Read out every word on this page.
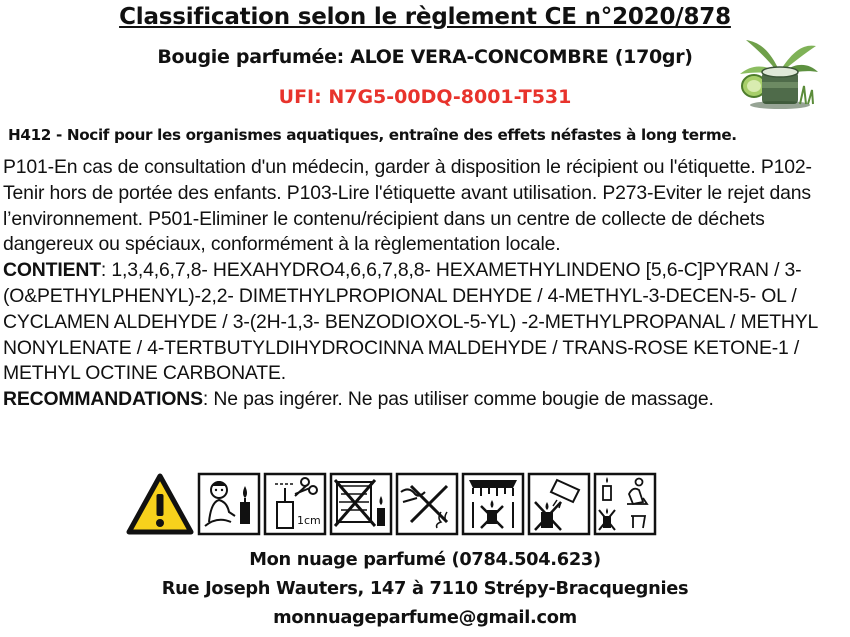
Classification selon le règlement CE n°2020/878
Bougie parfumée: ALOE VERA-CONCOMBRE (170gr)
UFI: N7G5-00DQ-8001-T531
H412 - Nocif pour les organismes aquatiques, entraîne des effets néfastes à long terme.

P101-En cas de consultation d'un médecin, garder à disposition le récipient ou l'étiquette. P102-Tenir hors de portée des enfants. P103-Lire l'étiquette avant utilisation. P273-Eviter le rejet dans l’environnement. P501-Eliminer le contenu/récipient dans un centre de collecte de déchets dangereux ou spéciaux, conformément à la règlementation locale.

CONTIENT: 1,3,4,6,7,8- HEXAHYDRO4,6,6,7,8,8- HEXAMETHYLINDENO [5,6-C]PYRAN / 3-(O&PETHYLPHENYL)-2,2- DIMETHYLPROPIONAL DEHYDE / 4-METHYL-3-DECEN-5- OL / CYCLAMEN ALDEHYDE / 3-(2H-1,3- BENZODIOXOL-5-YL) -2-METHYLPROPANAL / METHYL NONYLENATE / 4-TERTBUTYLDIHYDROCINNA MALDEHYDE / TRANS-ROSE KETONE-1 / METHYL OCTINE CARBONATE.

RECOMMANDATIONS: Ne pas ingérer. Ne pas utiliser comme bougie de massage.

1cm
Mon nuage parfumé (0784.504.623)
Rue Joseph Wauters, 147 à 7110 Strépy-Bracquegnies
monnuageparfume@gmail.com
